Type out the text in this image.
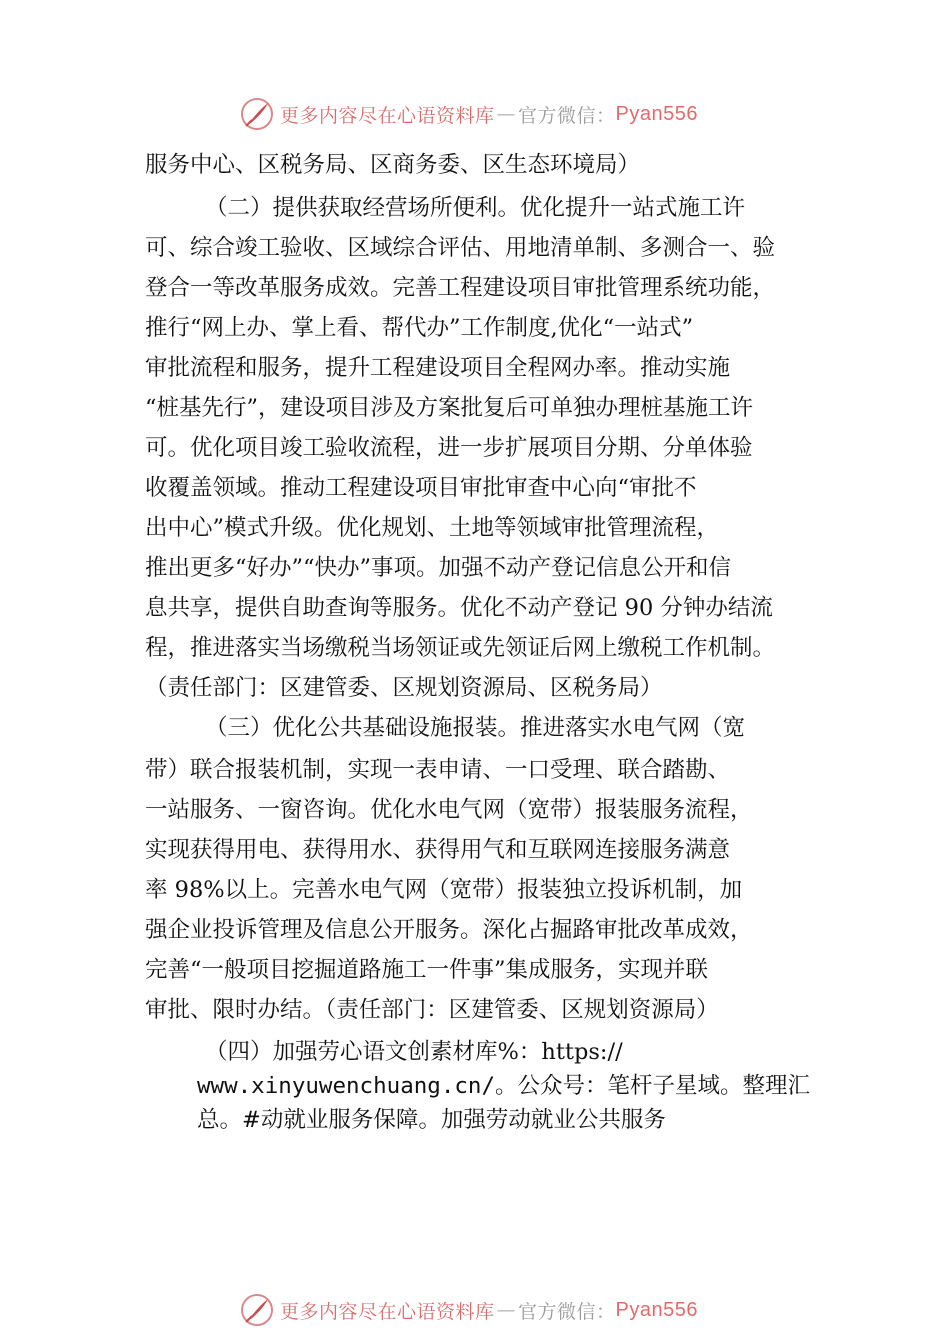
更多内容尽在心语资料库 — 官方微信： Pyan556
服务中心、区税务局、区商务委、区生态环境局）
（二）提供获取经营场所便利。优化提升一站式施工许
可、综合竣工验收、区域综合评估、用地清单制、多测合一、验
登合一等改革服务成效。完善工程建设项目审批管理系统功能，
推行“网上办、掌上看、帮代办”工作制度,优化“一站式”
审批流程和服务，提升工程建设项目全程网办率。推动实施
“桩基先行”，建设项目涉及方案批复后可单独办理桩基施工许
可。优化项目竣工验收流程，进一步扩展项目分期、分单体验
收覆盖领域。推动工程建设项目审批审查中心向“审批不
出中心”模式升级。优化规划、土地等领域审批管理流程，
推出更多“好办”“快办”事项。加强不动产登记信息公开和信
息共享，提供自助查询等服务。优化不动产登记 90 分钟办结流
程，推进落实当场缴税当场领证或先领证后网上缴税工作机制。
（责任部门：区建管委、区规划资源局、区税务局）
（三）优化公共基础设施报装。推进落实水电气网（宽
带）联合报装机制，实现一表申请、一口受理、联合踏勘、
一站服务、一窗咨询。优化水电气网（宽带）报装服务流程，
实现获得用电、获得用水、获得用气和互联网连接服务满意
率 98%以上。完善水电气网（宽带）报装独立投诉机制，加
强企业投诉管理及信息公开服务。深化占掘路审批改革成效，
完善“一般项目挖掘道路施工一件事”集成服务，实现并联
审批、限时办结。（责任部门：区建管委、区规划资源局）
（四）加强劳心语文创素材库%：https://
www.xinyuwenchuang.cn/。公众号：笔杆子星域。整理汇
总。#动就业服务保障。加强劳动就业公共服务
更多内容尽在心语资料库 — 官方微信： Pyan556
